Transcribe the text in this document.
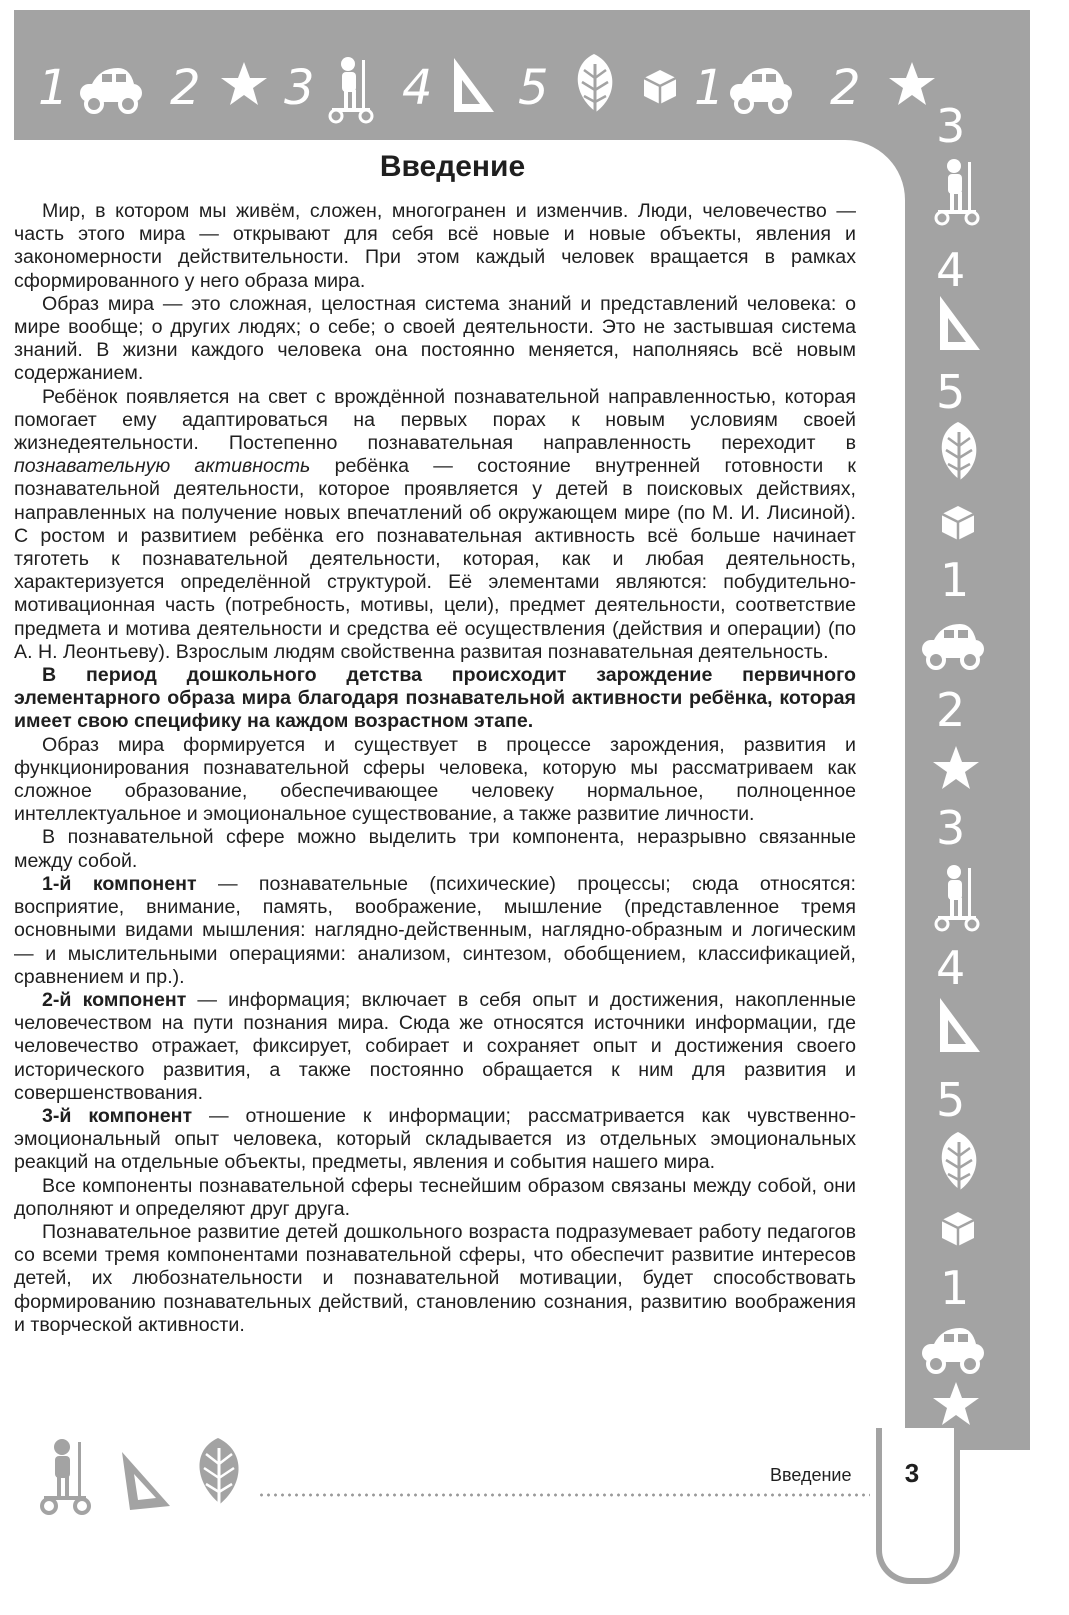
1 2 3 4 5	1 2
3
4
5
1
2
3
4
5
1
Введение

Мир, в котором мы живём, сложен, многогранен и изменчив. Люди, человечество — часть этого мира — открывают для себя всё новые и новые объекты, явления и закономерности действительности. При этом каждый человек вращается в рамках сформированного у него образа мира.

Образ мира — это сложная, целостная система знаний и представлений человека: о мире вообще; о других людях; о себе; о своей деятельности. Это не застывшая система знаний. В жизни каждого человека она постоянно меняется, наполняясь всё новым содержанием.

Ребёнок появляется на свет с врождённой познавательной направленностью, которая помогает ему адаптироваться на первых порах к новым условиям своей жизнедеятельности. Постепенно познавательная направленность переходит в познавательную активность ребёнка — состояние внутренней готовности к познавательной деятельности, которое проявляется у детей в поисковых действиях, направленных на получение новых впечатлений об окружающем мире (по М. И. Лисиной). С ростом и развитием ребёнка его познавательная активность всё больше начинает тяготеть к познавательной деятельности, которая, как и любая деятельность, характеризуется определённой структурой. Её элементами являются: побудительно-мотивационная часть (потребность, мотивы, цели), предмет деятельности, соответствие предмета и мотива деятельности и средства её осуществления (действия и операции) (по А. Н. Леонтьеву). Взрослым людям свойственна развитая познавательная деятельность.

В период дошкольного детства происходит зарождение первичного элементарного образа мира благодаря познавательной активности ребёнка, которая имеет свою специфику на каждом возрастном этапе.

Образ мира формируется и существует в процессе зарождения, развития и функционирования познавательной сферы человека, которую мы рассматриваем как сложное образование, обеспечивающее человеку нормальное, полноценное интеллектуальное и эмоциональное существование, а также развитие личности.

В познавательной сфере можно выделить три компонента, неразрывно связанные между собой.

1-й компонент — познавательные (психические) процессы; сюда относятся: восприятие, внимание, память, воображение, мышление (представленное тремя основными видами мышления: наглядно-действенным, наглядно-образным и логическим — и мыслительными операциями: анализом, синтезом, обобщением, классификацией, сравнением и пр.).

2-й компонент — информация; включает в себя опыт и достижения, накопленные человечеством на пути познания мира. Сюда же относятся источники информации, где человечество отражает, фиксирует, собирает и сохраняет опыт и достижения своего исторического развития, а также постоянно обращается к ним для развития и совершенствования.

3-й компонент — отношение к информации; рассматривается как чувственно-эмоциональный опыт человека, который складывается из отдельных эмоциональных реакций на отдельные объекты, предметы, явления и события нашего мира.

Все компоненты познавательной сферы теснейшим образом связаны между собой, они дополняют и определяют друг друга.

Познавательное развитие детей дошкольного возраста подразумевает работу педагогов со всеми тремя компонентами познавательной сферы, что обеспечит развитие интересов детей, их любознательности и познавательной мотивации, будет способствовать формированию познавательных действий, становлению сознания, развитию воображения и творческой активности.

Введение	3
